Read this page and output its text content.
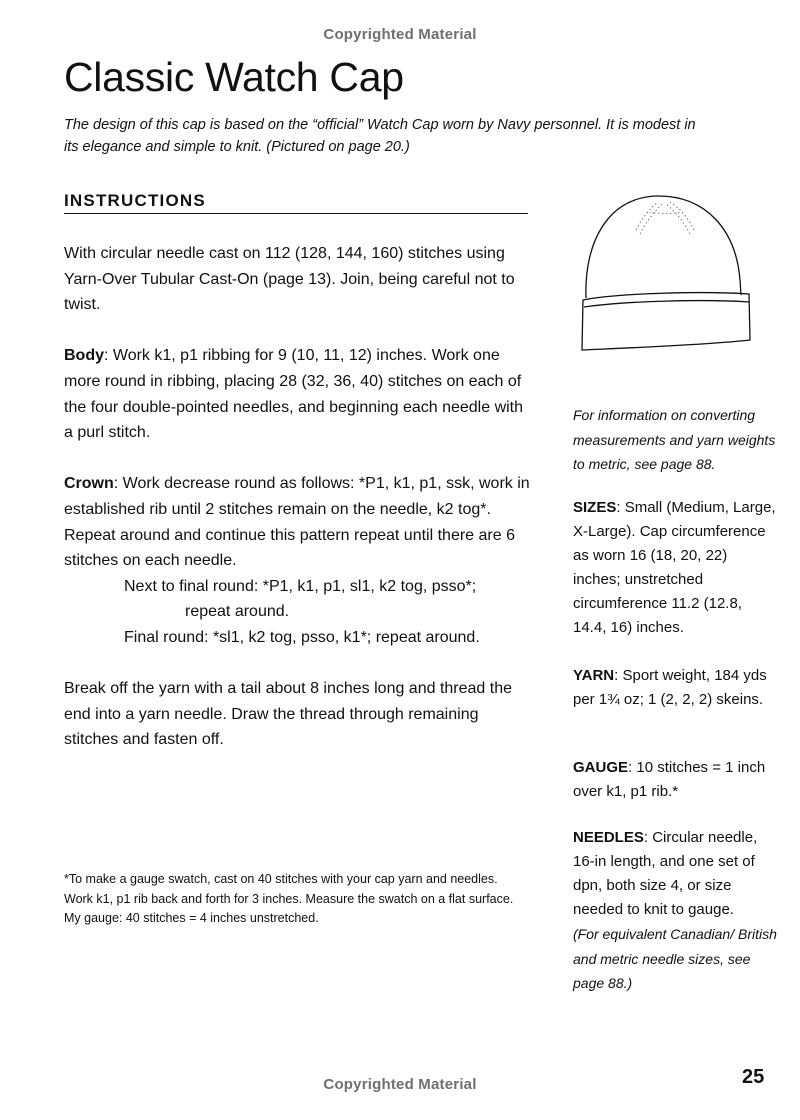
Copyrighted Material
Classic Watch Cap

The design of this cap is based on the “official” Watch Cap worn by Navy personnel. It is modest in its elegance and simple to knit. (Pictured on page 20.)

INSTRUCTIONS

With circular needle cast on 112 (128, 144, 160) stitches using Yarn-Over Tubular Cast-On (page 13). Join, being careful not to twist.

Body: Work k1, p1 ribbing for 9 (10, 11, 12) inches. Work one more round in ribbing, placing 28 (32, 36, 40) stitches on each of the four double-pointed needles, and beginning each needle with a purl stitch.

Crown: Work decrease round as follows: *P1, k1, p1, ssk, work in established rib until 2 stitches remain on the needle, k2 tog*. Repeat around and continue this pattern repeat until there are 6 stitches on each needle.
Next to final round: *P1, k1, p1, sl1, k2 tog, psso*;
repeat around.
Final round: *sl1, k2 tog, psso, k1*; repeat around.

Break off the yarn with a tail about 8 inches long and thread the end into a yarn needle. Draw the thread through remaining stitches and fasten off.

*To make a gauge swatch, cast on 40 stitches with your cap yarn and needles. Work k1, p1 rib back and forth for 3 inches. Measure the swatch on a flat surface. My gauge: 40 stitches = 4 inches unstretched.

For information on converting measurements and yarn weights to metric, see page 88.

SIZES: Small (Medium, Large, X-Large). Cap circumference as worn 16 (18, 20, 22) inches; unstretched circumference 11.2 (12.8, 14.4, 16) inches.

YARN: Sport weight, 184 yds per 1¾ oz; 1 (2, 2, 2) skeins.

GAUGE: 10 stitches = 1 inch over k1, p1 rib.*

NEEDLES: Circular needle, 16-in length, and one set of dpn, both size 4, or size needed to knit to gauge.

(For equivalent Canadian/ British and metric needle sizes, see page 88.)

25
Copyrighted Material
